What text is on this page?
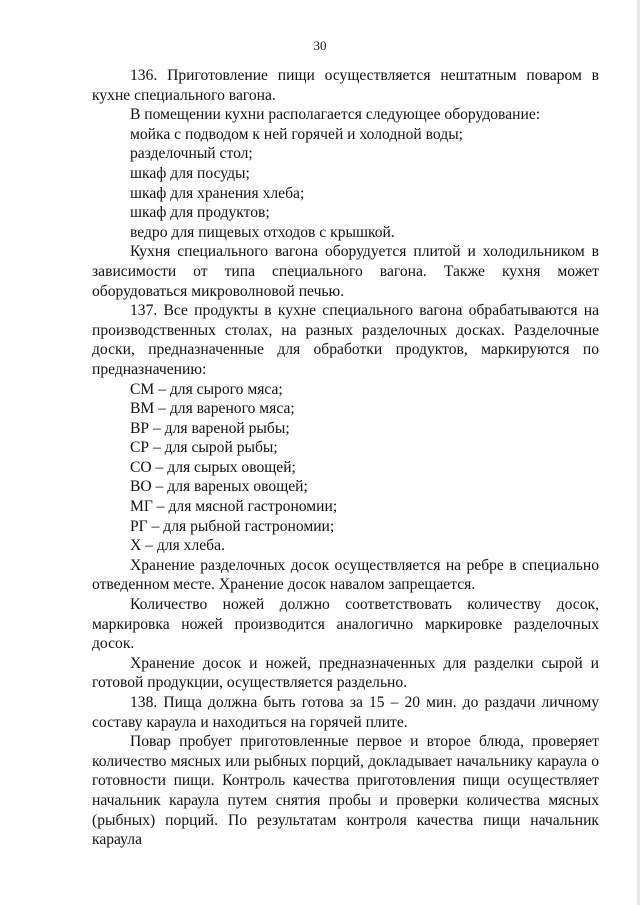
30

136. Приготовление пищи осуществляется нештатным поваром в кухне специального вагона.

В помещении кухни располагается следующее оборудование:

мойка с подводом к ней горячей и холодной воды;

разделочный стол;

шкаф для посуды;

шкаф для хранения хлеба;

шкаф для продуктов;

ведро для пищевых отходов с крышкой.

Кухня специального вагона оборудуется плитой и холодильником в зависимости от типа специального вагона. Также кухня может оборудоваться микроволновой печью.

137. Все продукты в кухне специального вагона обрабатываются на производственных столах, на разных разделочных досках. Разделочные доски, предназначенные для обработки продуктов, маркируются по предназначению:

СМ – для сырого мяса;

ВМ – для вареного мяса;

ВР – для вареной рыбы;

СР – для сырой рыбы;

СО – для сырых овощей;

ВО – для вареных овощей;

МГ – для мясной гастрономии;

РГ – для рыбной гастрономии;

Х – для хлеба.

Хранение разделочных досок осуществляется на ребре в специально отведенном месте. Хранение досок навалом запрещается.

Количество ножей должно соответствовать количеству досок, маркировка ножей производится аналогично маркировке разделочных досок.

Хранение досок и ножей, предназначенных для разделки сырой и готовой продукции, осуществляется раздельно.

138. Пища должна быть готова за 15 – 20 мин. до раздачи личному составу караула и находиться на горячей плите.

Повар пробует приготовленные первое и второе блюда, проверяет количество мясных или рыбных порций, докладывает начальнику караула о готовности пищи. Контроль качества приготовления пищи осуществляет начальник караула путем снятия пробы и проверки количества мясных (рыбных) порций. По результатам контроля качества пищи начальник караула
